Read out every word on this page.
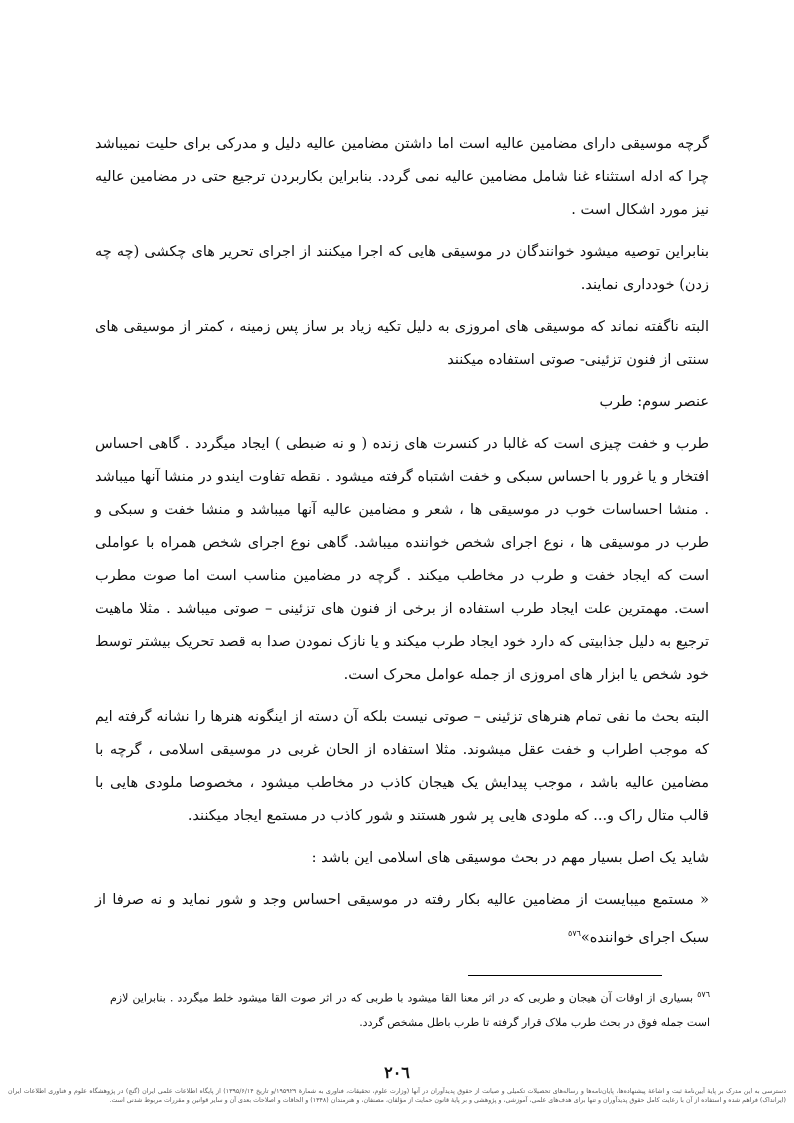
گرچه موسیقی دارای مضامین عالیه است اما داشتن مضامین عالیه دلیل و مدرکی برای حلیت نمیباشد چرا که ادله استثناء غنا شامل مضامین عالیه نمی گردد. بنابراین بکاربردن ترجیع حتی در مضامین عالیه نیز مورد اشکال است .

بنابراین توصیه میشود خوانندگان در موسیقی هایی که اجرا میکنند از اجرای تحریر های چکشی (چه چه زدن) خودداری نمایند.

البته ناگفته نماند که موسیقی های امروزی به دلیل تکیه زیاد بر ساز پس زمینه ، کمتر از موسیقی های سنتی از فنون تزئینی- صوتی استفاده میکنند

عنصر سوم: طرب

طرب و خفت چیزی است که غالبا در کنسرت های زنده ( و نه ضبطی ) ایجاد میگردد . گاهی احساس افتخار و یا غرور با احساس سبکی و خفت اشتباه گرفته میشود . نقطه تفاوت ایندو در منشا آنها میباشد . منشا احساسات خوب در موسیقی ها ، شعر و مضامین عالیه آنها میباشد و منشا خفت و سبکی و طرب در موسیقی ها ، نوع اجرای شخص خواننده میباشد. گاهی نوع اجرای شخص همراه با عواملی است که ایجاد خفت و طرب در مخاطب میکند . گرچه در مضامین مناسب است اما صوت مطرب است. مهمترین علت ایجاد طرب استفاده از برخی از فنون های تزئینی – صوتی میباشد . مثلا ماهیت ترجیع به دلیل جذابیتی که دارد خود ایجاد طرب میکند و یا نازک نمودن صدا به قصد تحریک بیشتر توسط خود شخص یا ابزار های امروزی از جمله عوامل محرک است.

البته بحث ما نفی تمام هنرهای تزئینی – صوتی نیست بلکه آن دسته از اینگونه هنرها را نشانه گرفته ایم که موجب اطراب و خفت عقل میشوند. مثلا استفاده از الحان غربی در موسیقی اسلامی ، گرچه با مضامین عالیه باشد ، موجب پیدایش یک هیجان کاذب در مخاطب میشود ، مخصوصا ملودی هایی با قالب متال راک و... که ملودی هایی پر شور هستند و شور کاذب در مستمع ایجاد میکنند.

شاید یک اصل بسیار مهم در بحث موسیقی های اسلامی این باشد :

« مستمع میبایست از مضامین عالیه بکار رفته در موسیقی احساس وجد و شور نماید و نه صرفا از سبک اجرای خواننده»$^{٥٧٦}$

$^{٥٧٦}$ بسیاری از اوقات آن هیجان و طربی که در اثر معنا القا میشود با طربی که در اثر صوت القا میشود خلط میگردد . بنابراین لازم است جمله فوق در بحث طرب ملاک قرار گرفته تا طرب باطل مشخص گردد.
٢٠٦
دسترسی به این مدرک بر پایهٔ آیین‌نامهٔ ثبت و اشاعهٔ پیشنهاده‌ها، پایان‌نامه‌ها و رساله‌های تحصیلات تکمیلی و صیانت از حقوق پدیدآوران در آنها (وزارت علوم، تحقیقات، فناوری به شمارهٔ ۱۹۵۹۲۹/و تاریخ ۱۳۹۵/۶/۱۴) از پایگاه اطلاعات علمی ایران (گنج) در پژوهشگاه علوم و فناوری اطلاعات ایران (ایرانداک) فراهم شده و استفاده از آن با رعایت کامل حقوق پدیدآوران و تنها برای هدف‌های علمی، آموزشی، و پژوهشی و بر پایهٔ قانون حمایت از مؤلفان، مصنفان، و هنرمندان (۱۳۴۸) و الحاقات و اصلاحات بعدی آن و سایر قوانین و مقررات مربوط شدنی است.
